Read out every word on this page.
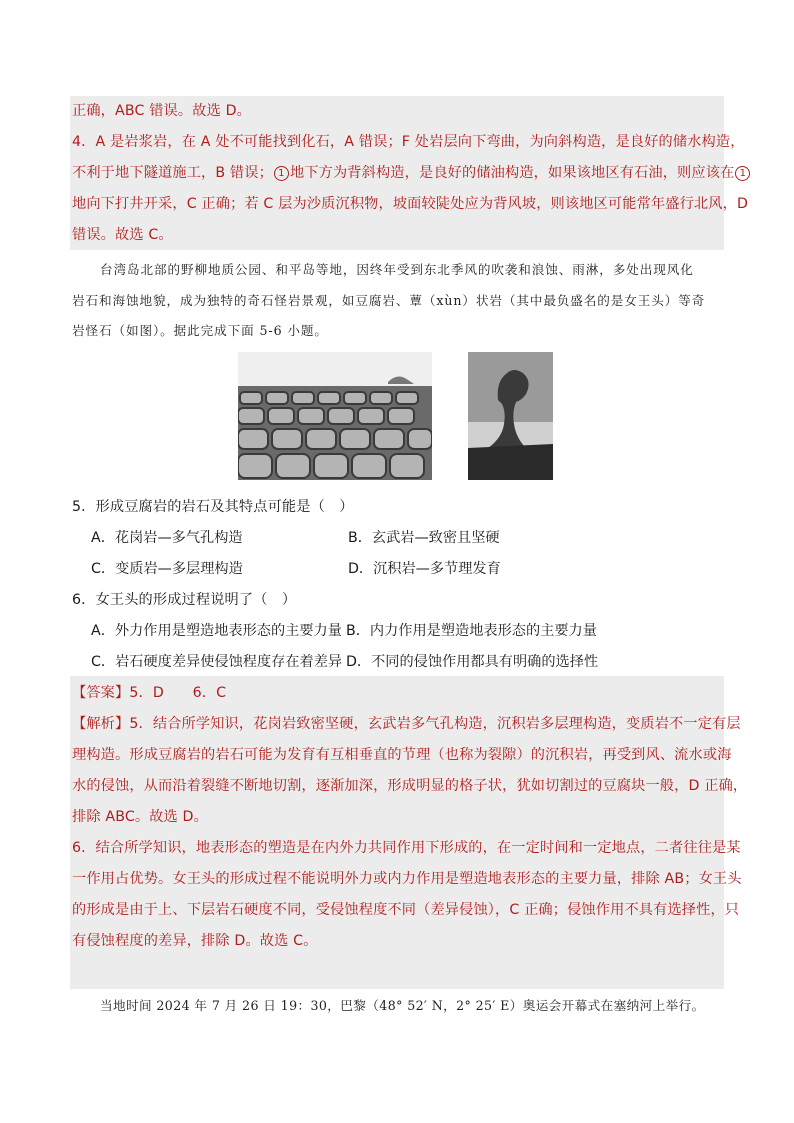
正确，ABC 错误。故选 D。
4．A 是岩浆岩，在 A 处不可能找到化石，A 错误；F 处岩层向下弯曲，为向斜构造，是良好的储水构造，
不利于地下隧道施工，B 错误； 1 地下方为背斜构造，是良好的储油构造，如果该地区有石油，则应该在 1
地向下打井开采，C 正确；若 C 层为沙质沉积物，坡面较陡处应为背风坡，则该地区可能常年盛行北风，D
错误。故选 C。
台湾岛北部的野柳地质公园、和平岛等地，因终年受到东北季风的吹袭和浪蚀、雨淋，多处出现风化
岩石和海蚀地貌，成为独特的奇石怪岩景观，如豆腐岩、蕈（xùn）状岩（其中最负盛名的是女王头）等奇
岩怪石（如图）。据此完成下面 5-6 小题。
5．形成豆腐岩的岩石及其特点可能是（　）
A．花岗岩—多气孔构造	B．玄武岩—致密且坚硬
C．变质岩—多层理构造	D．沉积岩—多节理发育
6．女王头的形成过程说明了（　）
A．外力作用是塑造地表形态的主要力量 B．内力作用是塑造地表形态的主要力量
C．岩石硬度差异使侵蚀程度存在着差异 D．不同的侵蚀作用都具有明确的选择性
【答案】5．D　　6．C
【解析】5．结合所学知识，花岗岩致密坚硬，玄武岩多气孔构造，沉积岩多层理构造，变质岩不一定有层
理构造。形成豆腐岩的岩石可能为发育有互相垂直的节理（也称为裂隙）的沉积岩，再受到风、流水或海
水的侵蚀，从而沿着裂缝不断地切割，逐渐加深，形成明显的格子状，犹如切割过的豆腐块一般，D 正确，
排除 ABC。故选 D。
6．结合所学知识，地表形态的塑造是在内外力共同作用下形成的，在一定时间和一定地点，二者往往是某
一作用占优势。女王头的形成过程不能说明外力或内力作用是塑造地表形态的主要力量，排除 AB；女王头
的形成是由于上、下层岩石硬度不同，受侵蚀程度不同（差异侵蚀），C 正确；侵蚀作用不具有选择性，只
有侵蚀程度的差异，排除 D。故选 C。
当地时间 2024 年 7 月 26 日 19：30，巴黎（48° 52′ N，2° 25′ E）奥运会开幕式在塞纳河上举行。
